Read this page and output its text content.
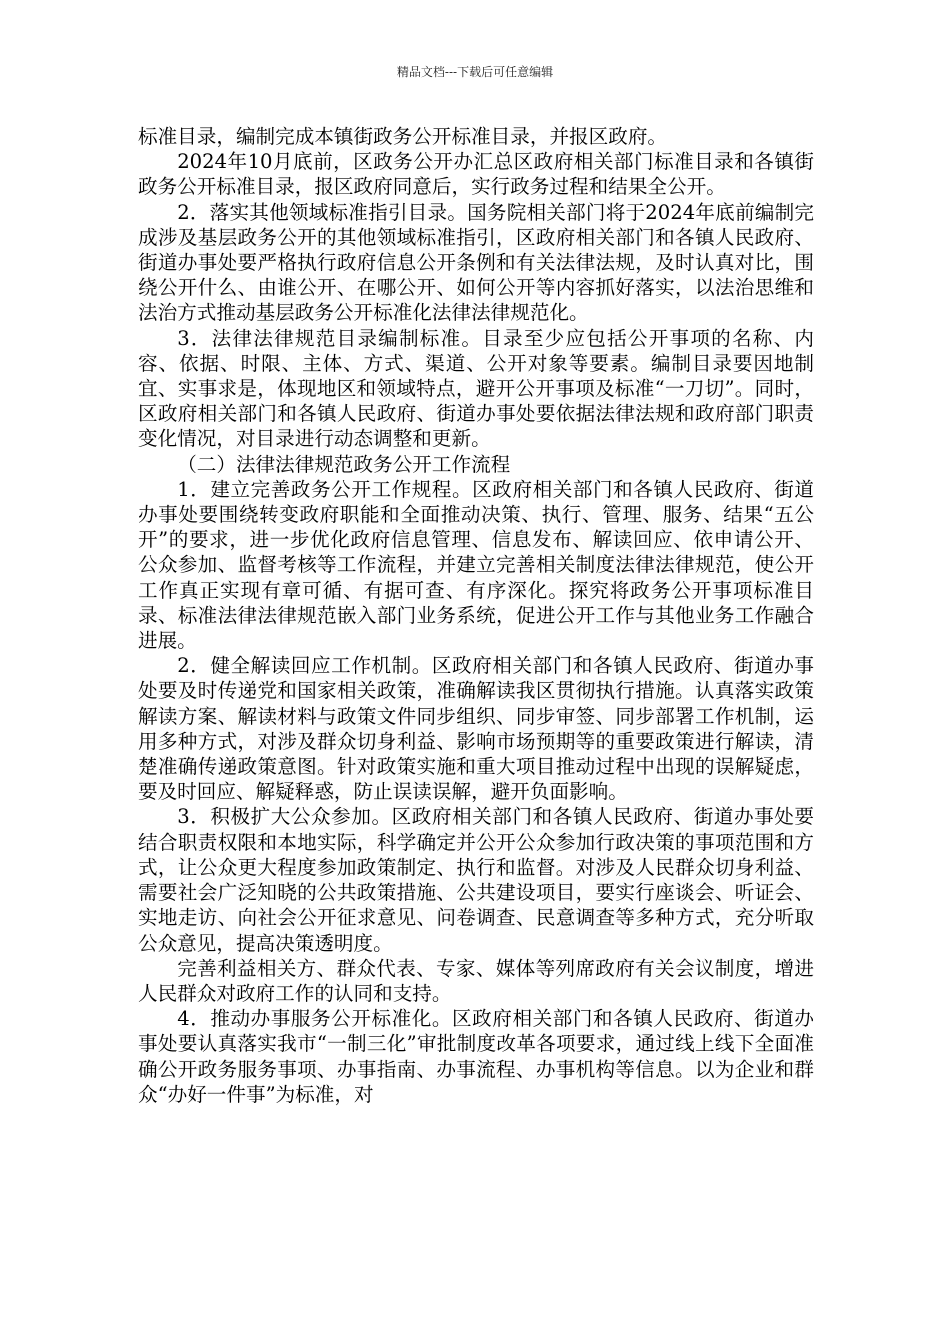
精品文档---下载后可任意编辑

标准目录，编制完成本镇街政务公开标准目录，并报区政府。

2024年10月底前，区政务公开办汇总区政府相关部门标准目录和各镇街政务公开标准目录，报区政府同意后，实行政务过程和结果全公开。

2．落实其他领域标准指引目录。国务院相关部门将于2024年底前编制完成涉及基层政务公开的其他领域标准指引，区政府相关部门和各镇人民政府、街道办事处要严格执行政府信息公开条例和有关法律法规，及时认真对比，围绕公开什么、由谁公开、在哪公开、如何公开等内容抓好落实，以法治思维和法治方式推动基层政务公开标准化法律法律规范化。

3．法律法律规范目录编制标准。目录至少应包括公开事项的名称、内容、依据、时限、主体、方式、渠道、公开对象等要素。编制目录要因地制宜、实事求是，体现地区和领域特点，避开公开事项及标准“一刀切”。同时，区政府相关部门和各镇人民政府、街道办事处要依据法律法规和政府部门职责变化情况，对目录进行动态调整和更新。

（二）法律法律规范政务公开工作流程

1．建立完善政务公开工作规程。区政府相关部门和各镇人民政府、街道办事处要围绕转变政府职能和全面推动决策、执行、管理、服务、结果“五公开”的要求，进一步优化政府信息管理、信息发布、解读回应、依申请公开、公众参加、监督考核等工作流程，并建立完善相关制度法律法律规范，使公开工作真正实现有章可循、有据可查、有序深化。探究将政务公开事项标准目录、标准法律法律规范嵌入部门业务系统，促进公开工作与其他业务工作融合进展。

2．健全解读回应工作机制。区政府相关部门和各镇人民政府、街道办事处要及时传递党和国家相关政策，准确解读我区贯彻执行措施。认真落实政策解读方案、解读材料与政策文件同步组织、同步审签、同步部署工作机制，运用多种方式，对涉及群众切身利益、影响市场预期等的重要政策进行解读，清楚准确传递政策意图。针对政策实施和重大项目推动过程中出现的误解疑虑，要及时回应、解疑释惑，防止误读误解，避开负面影响。

3．积极扩大公众参加。区政府相关部门和各镇人民政府、街道办事处要结合职责权限和本地实际，科学确定并公开公众参加行政决策的事项范围和方式，让公众更大程度参加政策制定、执行和监督。对涉及人民群众切身利益、需要社会广泛知晓的公共政策措施、公共建设项目，要实行座谈会、听证会、实地走访、向社会公开征求意见、问卷调查、民意调查等多种方式，充分听取公众意见，提高决策透明度。

完善利益相关方、群众代表、专家、媒体等列席政府有关会议制度，增进人民群众对政府工作的认同和支持。

4．推动办事服务公开标准化。区政府相关部门和各镇人民政府、街道办事处要认真落实我市“一制三化”审批制度改革各项要求，通过线上线下全面准确公开政务服务事项、办事指南、办事流程、办事机构等信息。以为企业和群众“办好一件事”为标准，对
